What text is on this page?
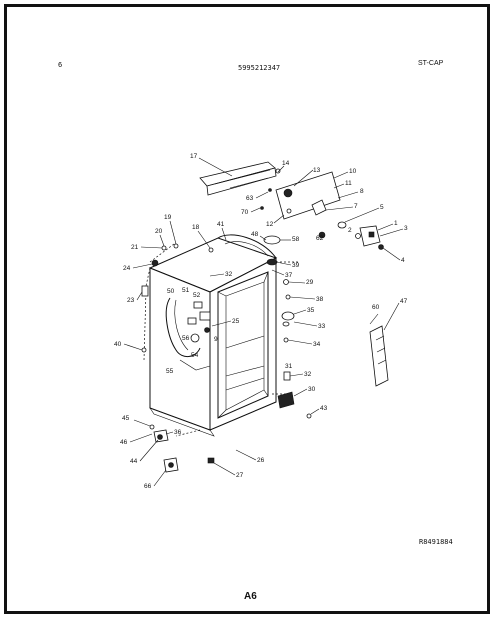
6	5995212347
ST-CAP
17
14
13	10
11
8
63
7
70
12
5
62
1
3
2
4
19
41
20
21
18
48
58
39
37
24
23
32
29
38
60
47
50 51
52
25
35
33
9
34
40
56
54
55
31
32
30
43
45
46
36
44	26
27
66
R8491884
A6
